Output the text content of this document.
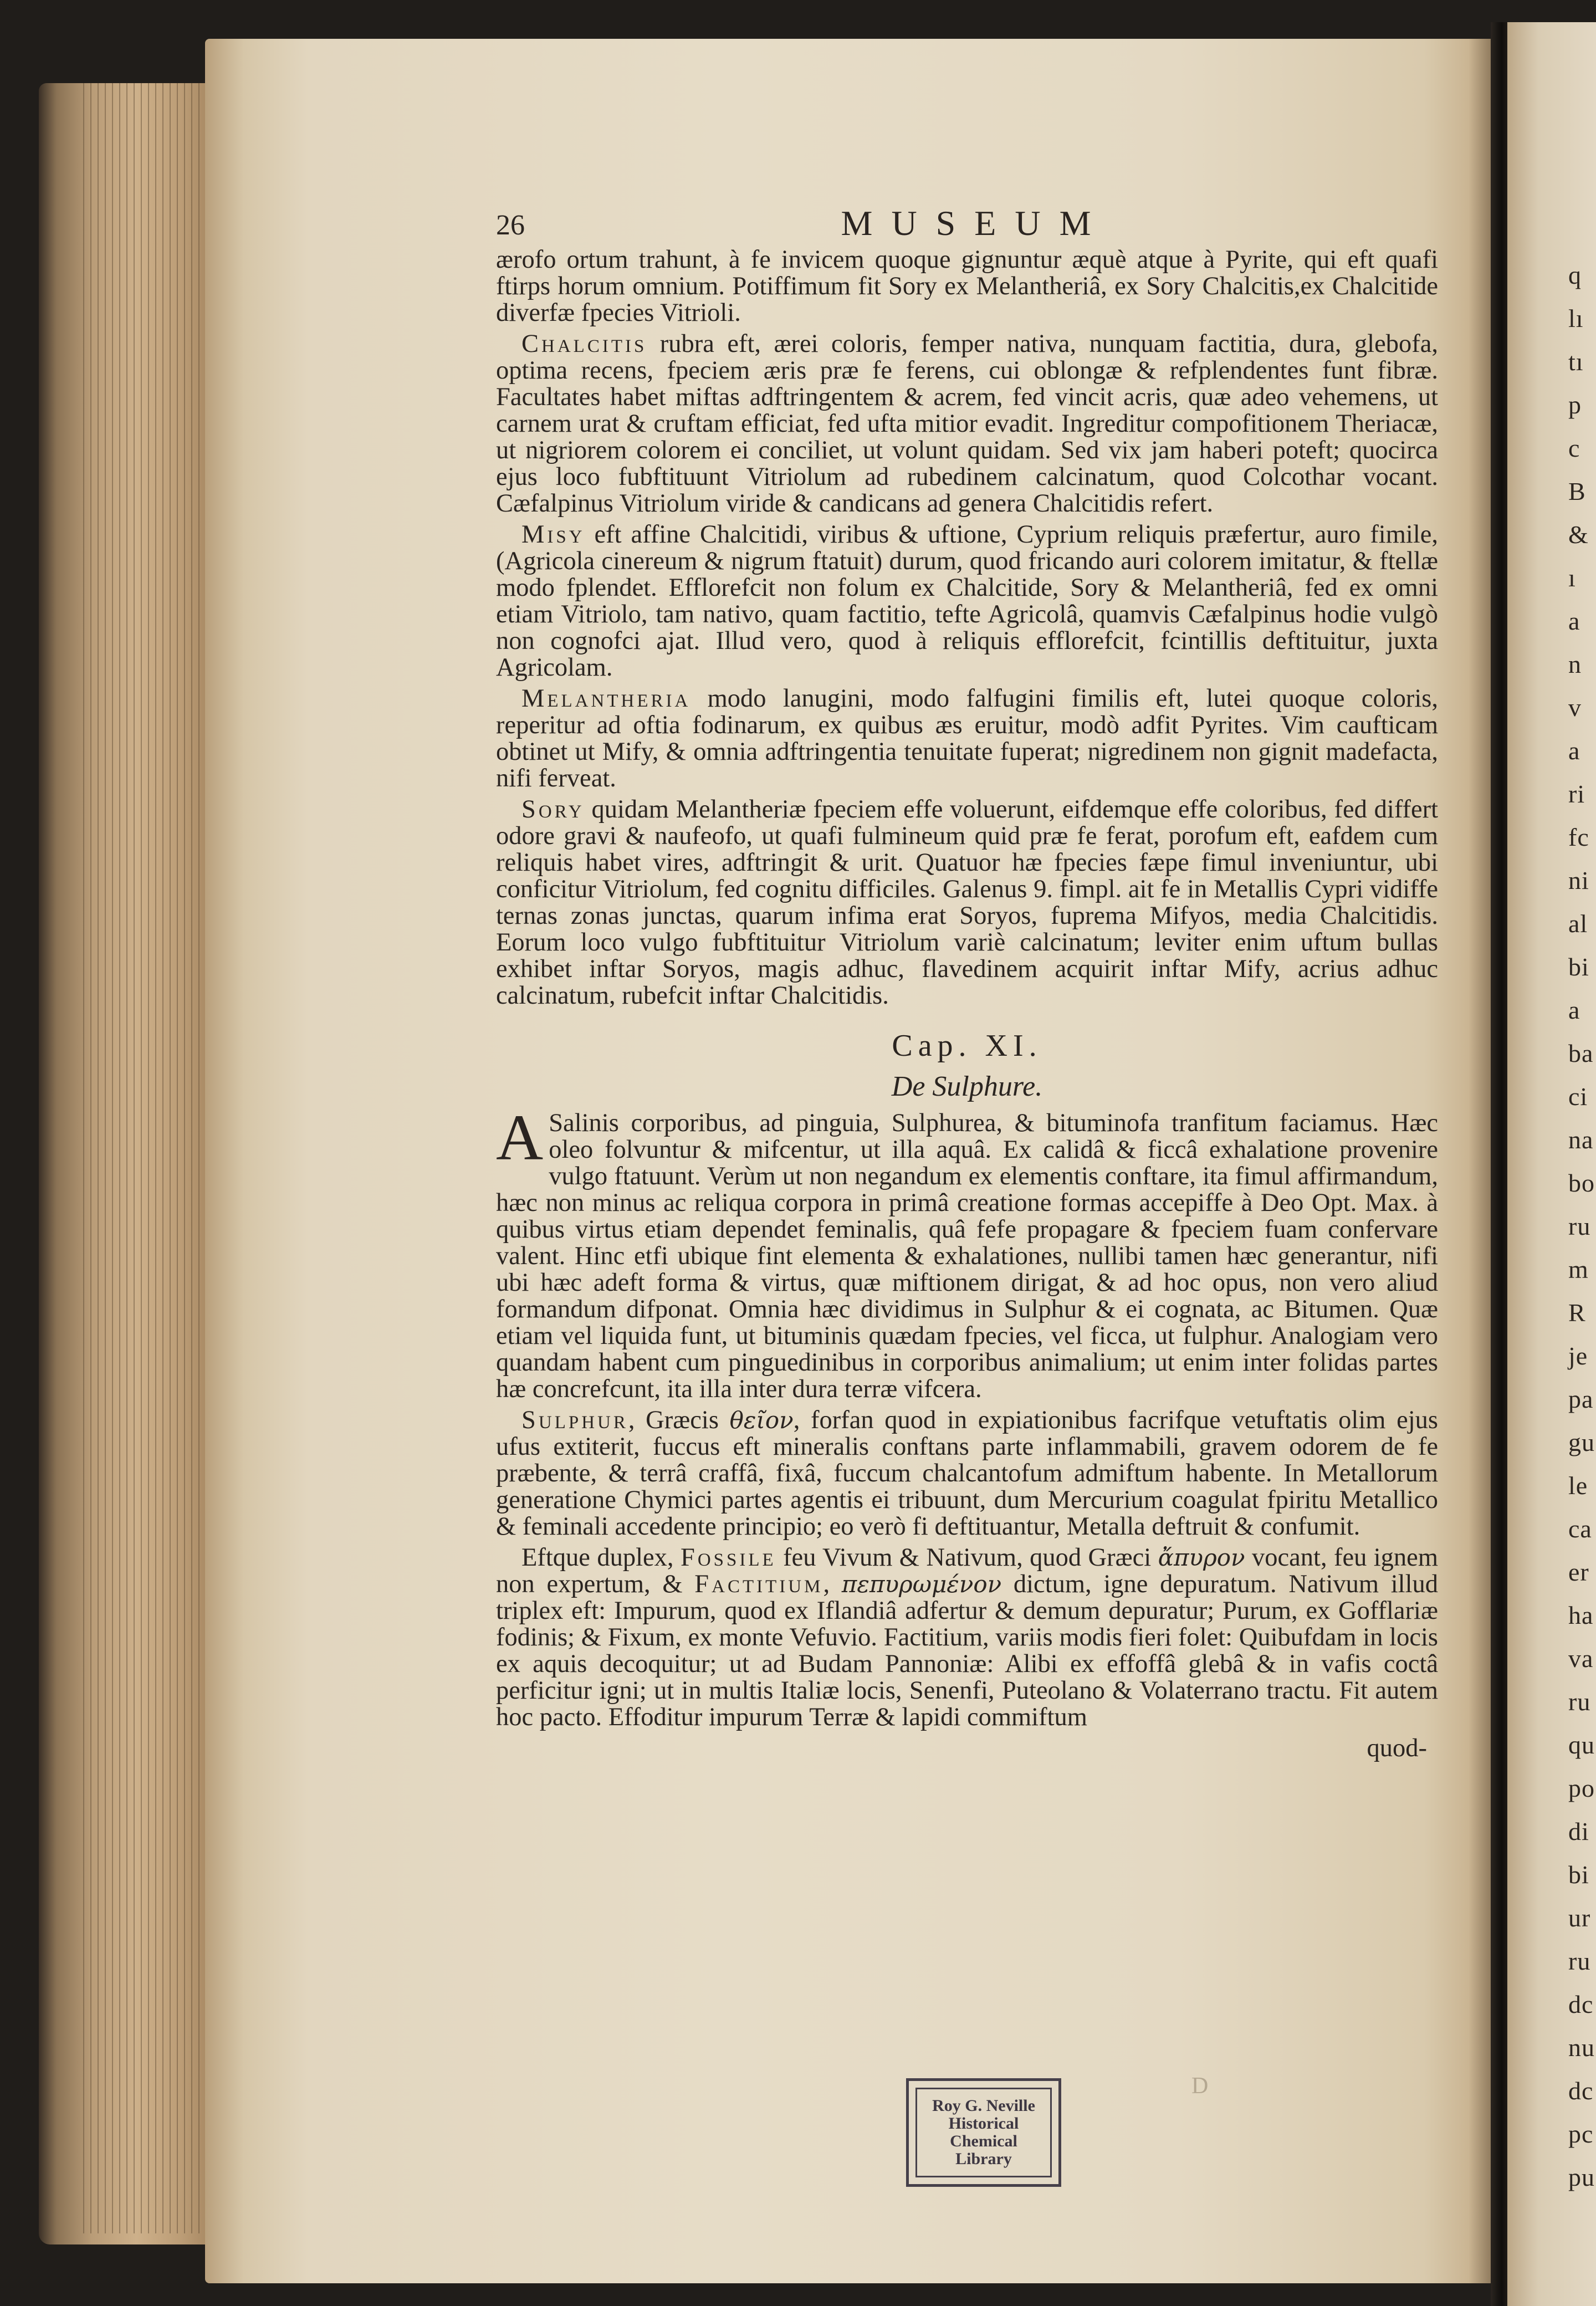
q
lı
tı
p
c
B
&
ı
a
n
v
a
ri
fc
ni
al
bi
a
ba
ci
na
bo
ru
m
R
je
pa
gu
le
ca
er
ha
va
ru
qu
po
di
bi
ur
ru
dc
nu
dc
pc
pu
26	MUSEUM

ærofo ortum trahunt, à fe invicem quoque gignuntur æquè atque à Pyrite, qui eft quafi ftirps horum omnium. Potiffimum fit Sory ex Melantheriâ, ex Sory Chalcitis,ex Chalcitide diverfæ fpecies Vitrioli.

Chalcitis rubra eft, ærei coloris, femper nativa, nunquam factitia, dura, glebofa, optima recens, fpeciem æris præ fe ferens, cui oblongæ & refplendentes funt fibræ. Facultates habet miftas adftringentem & acrem, fed vincit acris, quæ adeo vehemens, ut carnem urat & cruftam efficiat, fed ufta mitior evadit. Ingreditur compofitionem Theriacæ, ut nigriorem colorem ei conciliet, ut volunt quidam. Sed vix jam haberi poteft; quocirca ejus loco fubftituunt Vitriolum ad rubedinem calcinatum, quod Colcothar vocant. Cæfalpinus Vitriolum viride & candicans ad genera Chalcitidis refert.

Misy eft affine Chalcitidi, viribus & uftione, Cyprium reliquis præfertur, auro fimile, (Agricola cinereum & nigrum ftatuit) durum, quod fricando auri colorem imitatur, & ftellæ modo fplendet. Efflorefcit non folum ex Chalcitide, Sory & Melantheriâ, fed ex omni etiam Vitriolo, tam nativo, quam factitio, tefte Agricolâ, quamvis Cæfalpinus hodie vulgò non cognofci ajat. Illud vero, quod à reliquis efflorefcit, fcintillis deftituitur, juxta Agricolam.

Melantheria modo lanugini, modo falfugini fimilis eft, lutei quoque coloris, reperitur ad oftia fodinarum, ex quibus æs eruitur, modò adfit Pyrites. Vim caufticam obtinet ut Mify, & omnia adftringentia tenuitate fuperat; nigredinem non gignit madefacta, nifi ferveat.

Sory quidam Melantheriæ fpeciem effe voluerunt, eifdemque effe coloribus, fed differt odore gravi & naufeofo, ut quafi fulmineum quid præ fe ferat, porofum eft, eafdem cum reliquis habet vires, adftringit & urit. Quatuor hæ fpecies fæpe fimul inveniuntur, ubi conficitur Vitriolum, fed cognitu difficiles. Galenus 9. fimpl. ait fe in Metallis Cypri vidiffe ternas zonas junctas, quarum infima erat Soryos, fuprema Mifyos, media Chalcitidis. Eorum loco vulgo fubftituitur Vitriolum variè calcinatum; leviter enim uftum bullas exhibet inftar Soryos, magis adhuc, flavedinem acquirit inftar Mify, acrius adhuc calcinatum, rubefcit inftar Chalcitidis.

Cap. XI.
De Sulphure.

A Salinis corporibus, ad pinguia, Sulphurea, & bituminofa tranfitum faciamus. Hæc oleo folvuntur & mifcentur, ut illa aquâ. Ex calidâ & ficcâ exhalatione provenire vulgo ftatuunt. Verùm ut non negandum ex elementis conftare, ita fimul affirmandum, hæc non minus ac reliqua corpora in primâ creatione formas accepiffe à Deo Opt. Max. à quibus virtus etiam dependet feminalis, quâ fefe propagare & fpeciem fuam confervare valent. Hinc etfi ubique fint elementa & exhalationes, nullibi tamen hæc generantur, nifi ubi hæc adeft forma & virtus, quæ miftionem dirigat, & ad hoc opus, non vero aliud formandum difponat. Omnia hæc dividimus in Sulphur & ei cognata, ac Bitumen. Quæ etiam vel liquida funt, ut bituminis quædam fpecies, vel ficca, ut fulphur. Analogiam vero quandam habent cum pinguedinibus in corporibus animalium; ut enim inter folidas partes hæ concrefcunt, ita illa inter dura terræ vifcera.

Sulphur, Græcis θεῖον, forfan quod in expiationibus facrifque vetuftatis olim ejus ufus extiterit, fuccus eft mineralis conftans parte inflammabili, gravem odorem de fe præbente, & terrâ craffâ, fixâ, fuccum chalcantofum admiftum habente. In Metallorum generatione Chymici partes agentis ei tribuunt, dum Mercurium coagulat fpiritu Metallico & feminali accedente principio; eo verò fi deftituantur, Metalla deftruit & confumit.

Eftque duplex, Fossile feu Vivum & Nativum, quod Græci ἄπυρον vocant, feu ignem non expertum, & Factitium, πεπυρωμένον dictum, igne depuratum. Nativum illud triplex eft: Impurum, quod ex Iflandiâ adfertur & demum depuratur; Purum, ex Gofflariæ fodinis; & Fixum, ex monte Vefuvio. Factitium, variis modis fieri folet: Quibufdam in locis ex aquis decoquitur; ut ad Budam Pannoniæ: Alibi ex effoffâ glebâ & in vafis coctâ perficitur igni; ut in multis Italiæ locis, Senenfi, Puteolano & Volaterrano tractu. Fit autem hoc pacto. Effoditur impurum Terræ & lapidi commiftum

quod-
D
Roy G. Neville
Historical
Chemical
Library
